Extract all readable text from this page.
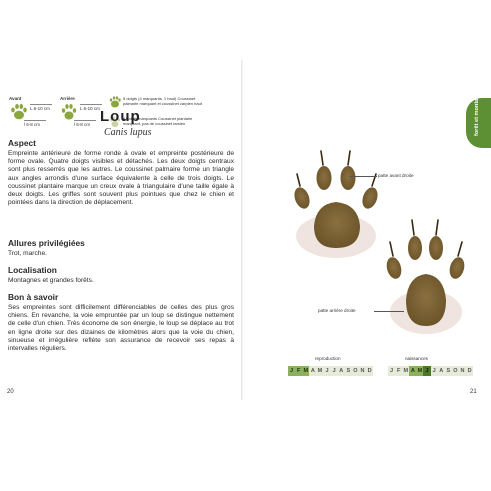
Avant	Arrière
L 6-10 cm
l 6-8 cm
L 6-10 cm
l 6-8 cm
5 doigts (4 marquants, 1 haut) Coussinet palmaire marquant et coussinet carpien haut
4 doigts marquants Coussinet plantaire marquant, pas de coussinet tarsien
Aspect

Empreinte antérieure de forme ronde à ovale et empreinte postérieure de forme ovale. Quatre doigts visibles et détachés. Les deux doigts centraux sont plus resserrés que les autres. Le coussinet palmaire forme un triangle aux angles arrondis d'une surface équivalente à celle de trois doigts. Le coussinet plantaire marque un creux ovale à triangulaire d'une taille égale à deux doigts. Les griffes sont souvent plus pointues que chez le chien et pointées dans la direction de déplacement.

Allures privilégiées

Trot, marche.

Localisation

Montagnes et grandes forêts.

Bon à savoir

Ses empreintes sont difficilement différenciables de celles des plus gros chiens. En revanche, la voie empruntée par un loup se distingue nettement de celle d'un chien. Très économe de son énergie, le loup se déplace au trot en ligne droite sur des dizaines de kilomètres alors que la voie du chien, sinueuse et irrégulière reflète son assurance de recevoir ses repas à intervalles réguliers.

20
Loup
Canis lupus	forêt et montagne
patte avant droite
patte arrière droite
reproduction
J F M A M J J A S O N D
naissances
J F M A M J J A S O N D
21
